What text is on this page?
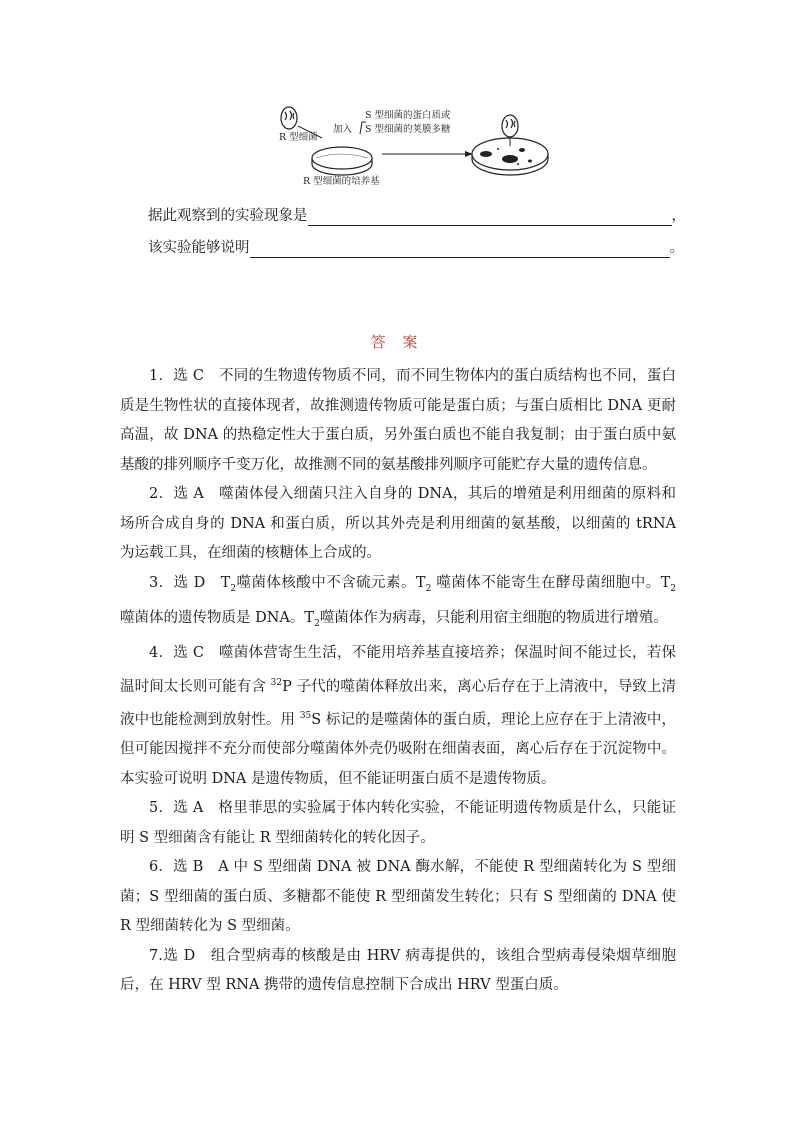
R 型细菌
加入
S 型细菌的蛋白质或
S 型细菌的荚膜多糖
R 型细菌的培养基
据此观察到的实验现象是	，
该实验能够说明	。
答 案

1．选 C　不同的生物遗传物质不同，而不同生物体内的蛋白质结构也不同，蛋白质是生物性状的直接体现者，故推测遗传物质可能是蛋白质；与蛋白质相比 DNA 更耐高温，故 DNA 的热稳定性大于蛋白质，另外蛋白质也不能自我复制；由于蛋白质中氨基酸的排列顺序千变万化，故推测不同的氨基酸排列顺序可能贮存大量的遗传信息。

2．选 A　噬菌体侵入细菌只注入自身的 DNA，其后的增殖是利用细菌的原料和场所合成自身的 DNA 和蛋白质，所以其外壳是利用细菌的氨基酸，以细菌的 tRNA 为运载工具，在细菌的核糖体上合成的。

3．选 D　$T_2$噬菌体核酸中不含硫元素。$T_2$ 噬菌体不能寄生在酵母菌细胞中。$T_2$ 噬菌体的遗传物质是 DNA。$T_2$噬菌体作为病毒，只能利用宿主细胞的物质进行增殖。

4．选 C　噬菌体营寄生生活，不能用培养基直接培养；保温时间不能过长，若保温时间太长则可能有含 $^{32}$P 子代的噬菌体释放出来，离心后存在于上清液中，导致上清液中也能检测到放射性。用 $^{35}$S 标记的是噬菌体的蛋白质，理论上应存在于上清液中，但可能因搅拌不充分而使部分噬菌体外壳仍吸附在细菌表面，离心后存在于沉淀物中。本实验可说明 DNA 是遗传物质，但不能证明蛋白质不是遗传物质。

5．选 A　格里菲思的实验属于体内转化实验，不能证明遗传物质是什么，只能证明 S 型细菌含有能让 R 型细菌转化的转化因子。

6．选 B　A 中 S 型细菌 DNA 被 DNA 酶水解，不能使 R 型细菌转化为 S 型细菌；S 型细菌的蛋白质、多糖都不能使 R 型细菌发生转化；只有 S 型细菌的 DNA 使 R 型细菌转化为 S 型细菌。

7.选 D　组合型病毒的核酸是由 HRV 病毒提供的，该组合型病毒侵染烟草细胞后，在 HRV 型 RNA 携带的遗传信息控制下合成出 HRV 型蛋白质。
